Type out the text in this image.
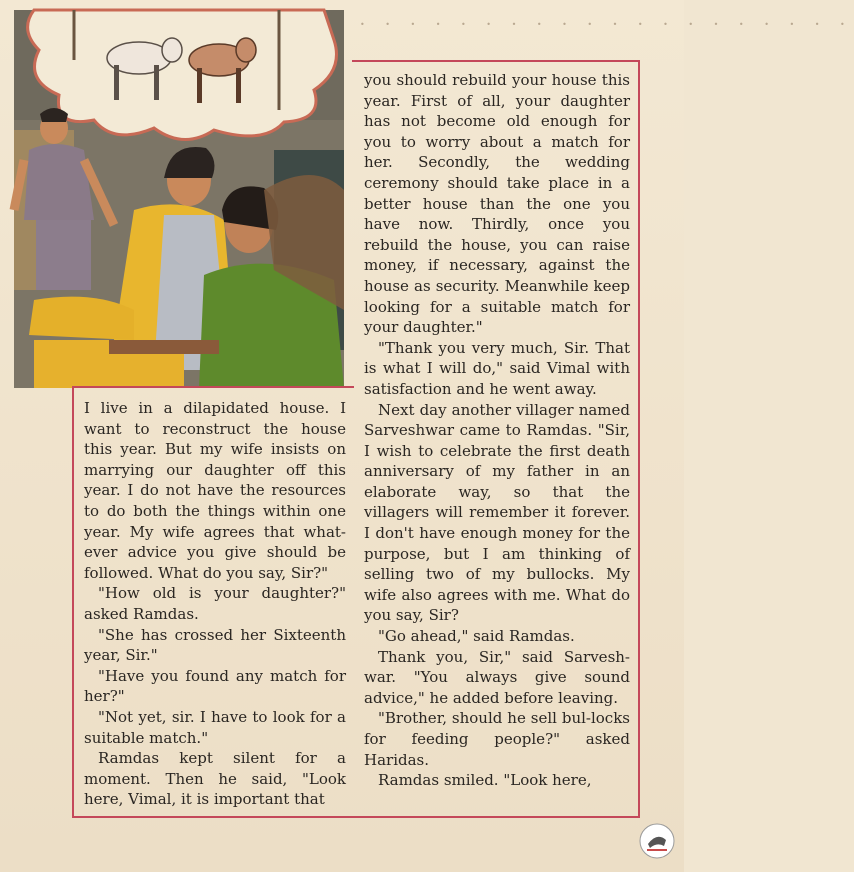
• • • • • • • • • • • • • • • • • • • •

I live in a dilapidated house. I want to reconstruct the house this year. But my wife insists on marrying our daughter off this year. I do not have the resources to do both the things within one year. My wife agrees that what-ever advice you give should be followed. What do you say, Sir?"

"How old is your daughter?" asked Ramdas.

"She has crossed her Sixteenth year, Sir."

"Have you found any match for her?"

"Not yet, sir. I have to look for a suitable match."

Ramdas kept silent for a moment. Then he said, "Look here, Vimal, it is important that

you should rebuild your house this year. First of all, your daughter has not become old enough for you to worry about a match for her. Secondly, the wedding ceremony should take place in a better house than the one you have now. Thirdly, once you rebuild the house, you can raise money, if necessary, against the house as security. Meanwhile keep looking for a suitable match for your daughter."

"Thank you very much, Sir. That is what I will do," said Vimal with satisfaction and he went away.

Next day another villager named Sarveshwar came to Ramdas. "Sir, I wish to celebrate the first death anniversary of my father in an elaborate way, so that the villagers will remember it forever. I don't have enough money for the purpose, but I am thinking of selling two of my bullocks. My wife also agrees with me. What do you say, Sir?

"Go ahead," said Ramdas.

Thank you, Sir," said Sarvesh-war. "You always give sound advice," he added before leaving.

"Brother, should he sell bul-locks for feeding people?" asked Haridas.

Ramdas smiled. "Look here,
